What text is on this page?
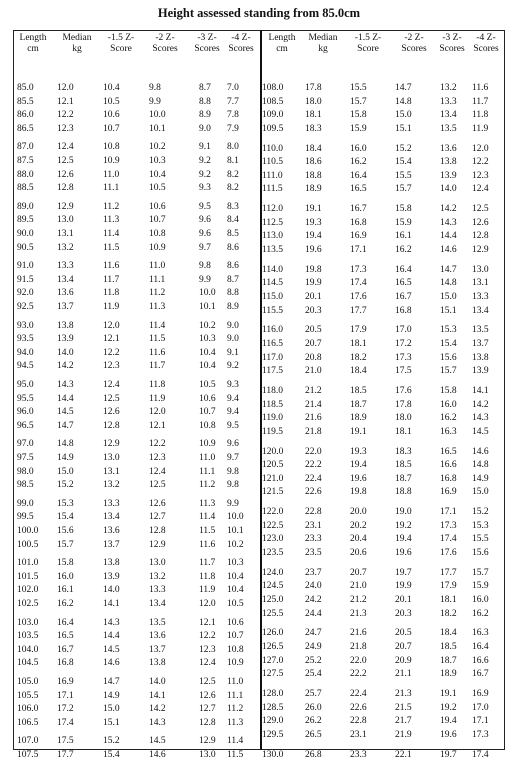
Height assessed standing from 85.0cm
Length
cm
Median
kg
-1.5 Z-
Score
-2 Z-
Scores
-3 Z-
Scores
-4 Z-
Scores
85.0 12.0	10.4	9.8	8.7 7.0
85.5 12.1	10.5	9.9	8.8 7.7
86.0 12.2	10.6	10.0	8.9 7.8
86.5 12.3	10.7	10.1	9.0 7.9
87.0 12.4	10.8	10.2	9.1 8.0
87.5 12.5	10.9	10.3	9.2 8.1
88.0 12.6	11.0	10.4	9.2 8.2
88.5 12.8	11.1	10.5	9.3 8.2
89.0 12.9	11.2	10.6	9.5 8.3
89.5 13.0	11.3	10.7	9.6 8.4
90.0 13.1	11.4	10.8	9.6 8.5
90.5 13.2	11.5	10.9	9.7 8.6
91.0 13.3	11.6	11.0	9.8 8.6
91.5 13.4	11.7	11.1	9.9 8.7
92.0 13.6	11.8	11.2	10.0 8.8
92.5 13.7	11.9	11.3	10.1 8.9
93.0 13.8	12.0	11.4	10.2 9.0
93.5 13.9	12.1	11.5	10.3 9.0
94.0 14.0	12.2	11.6	10.4 9.1
94.5 14.2	12.3	11.7	10.4 9.2
95.0 14.3	12.4	11.8	10.5 9.3
95.5 14.4	12.5	11.9	10.6 9.4
96.0 14.5	12.6	12.0	10.7 9.4
96.5 14.7	12.8	12.1	10.8 9.5
97.0 14.8	12.9	12.2	10.9 9.6
97.5 14.9	13.0	12.3	11.0 9.7
98.0 15.0	13.1	12.4	11.1 9.8
98.5 15.2	13.2	12.5	11.2 9.8
99.0 15.3	13.3	12.6	11.3 9.9
99.5 15.4	13.4	12.7	11.4 10.0
100.0 15.6	13.6	12.8	11.5 10.1
100.5 15.7	13.7	12.9	11.6 10.2
101.0 15.8	13.8	13.0	11.7 10.3
101.5 16.0	13.9	13.2	11.8 10.4
102.0 16.1	14.0	13.3	11.9 10.4
102.5 16.2	14.1	13.4	12.0 10.5
103.0 16.4	14.3	13.5	12.1 10.6
103.5 16.5	14.4	13.6	12.2 10.7
104.0 16.7	14.5	13.7	12.3 10.8
104.5 16.8	14.6	13.8	12.4 10.9
105.0 16.9	14.7	14.0	12.5 11.0
105.5 17.1	14.9	14.1	12.6 11.1
106.0 17.2	15.0	14.2	12.7 11.2
106.5 17.4	15.1	14.3	12.8 11.3
107.0 17.5	15.2	14.5	12.9 11.4
107.5 17.7	15.4	14.6	13.0 11.5
Length
cm
Median
kg
-1.5 Z-
Score
-2 Z-
Scores
-3 Z-
Scores
-4 Z-
Scores
108.0 17.8	15.5	14.7	13.2 11.6
108.5 18.0	15.7	14.8	13.3 11.7
109.0 18.1	15.8	15.0	13.4 11.8
109.5 18.3	15.9	15.1	13.5 11.9
110.0 18.4	16.0	15.2	13.6 12.0
110.5 18.6	16.2	15.4	13.8 12.2
111.0 18.8	16.4	15.5	13.9 12.3
111.5 18.9	16.5	15.7	14.0 12.4
112.0 19.1	16.7	15.8	14.2 12.5
112.5 19.3	16.8	15.9	14.3 12.6
113.0 19.4	16.9	16.1	14.4 12.8
113.5 19.6	17.1	16.2	14.6 12.9
114.0 19.8	17.3	16.4	14.7 13.0
114.5 19.9	17.4	16.5	14.8 13.1
115.0 20.1	17.6	16.7	15.0 13.3
115.5 20.3	17.7	16.8	15.1 13.4
116.0 20.5	17.9	17.0	15.3 13.5
116.5 20.7	18.1	17.2	15.4 13.7
117.0 20.8	18.2	17.3	15.6 13.8
117.5 21.0	18.4	17.5	15.7 13.9
118.0 21.2	18.5	17.6	15.8 14.1
118.5 21.4	18.7	17.8	16.0 14.2
119.0 21.6	18.9	18.0	16.2 14.3
119.5 21.8	19.1	18.1	16.3 14.5
120.0 22.0	19.3	18.3	16.5 14.6
120.5 22.2	19.4	18.5	16.6 14.8
121.0 22.4	19.6	18.7	16.8 14.9
121.5 22.6	19.8	18.8	16.9 15.0
122.0 22.8	20.0	19.0	17.1 15.2
122.5 23.1	20.2	19.2	17.3 15.3
123.0 23.3	20.4	19.4	17.4 15.5
123.5 23.5	20.6	19.6	17.6 15.6
124.0 23.7	20.7	19.7	17.7 15.7
124.5 24.0	21.0	19.9	17.9 15.9
125.0 24.2	21.2	20.1	18.1 16.0
125.5 24.4	21.3	20.3	18.2 16.2
126.0 24.7	21.6	20.5	18.4 16.3
126.5 24.9	21.8	20.7	18.5 16.4
127.0 25.2	22.0	20.9	18.7 16.6
127.5 25.4	22.2	21.1	18.9 16.7
128.0 25.7	22.4	21.3	19.1 16.9
128.5 26.0	22.6	21.5	19.2 17.0
129.0 26.2	22.8	21.7	19.4 17.1
129.5 26.5	23.1	21.9	19.6 17.3
130.0 26.8	23.3	22.1	19.7 17.4
